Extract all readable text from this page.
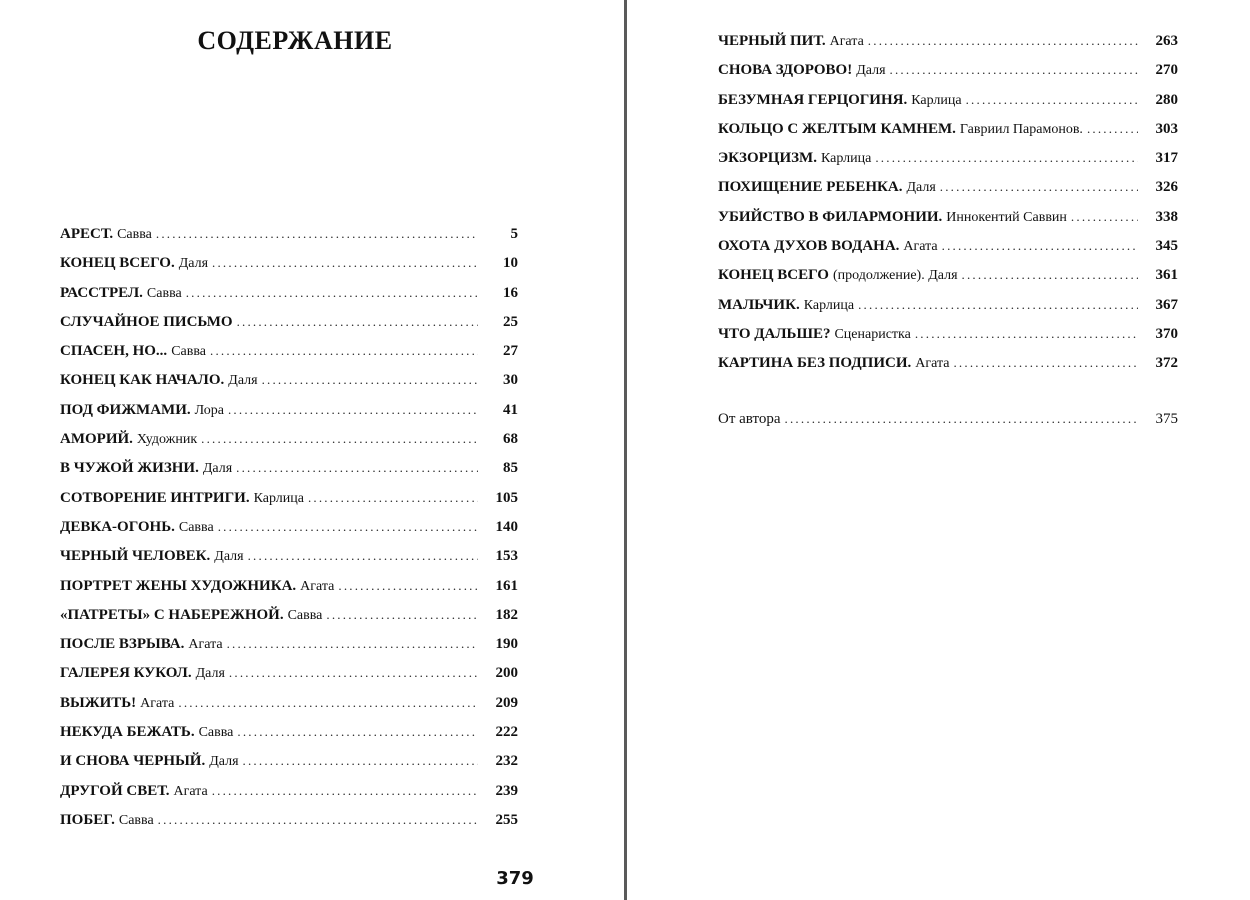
СОДЕРЖАНИЕ
АРЕСТ. Савва .....	5
КОНЕЦ ВСЕГО. Даля .....	10
РАССТРЕЛ. Савва .....	16
СЛУЧАЙНОЕ ПИСЬМО .....	25
СПАСЕН, НО... Савва .....	27
КОНЕЦ КАК НАЧАЛО. Даля .....	30
ПОД ФИЖМАМИ. Лора .....	41
АМОРИЙ. Художник .....	68
В ЧУЖОЙ ЖИЗНИ. Даля .....	85
СОТВОРЕНИЕ ИНТРИГИ. Карлица .....	105
ДЕВКА-ОГОНЬ. Савва .....	140
ЧЕРНЫЙ ЧЕЛОВЕК. Даля .....	153
ПОРТРЕТ ЖЕНЫ ХУДОЖНИКА. Агата .....	161
«ПАТРЕТЫ» С НАБЕРЕЖНОЙ. Савва .....	182
ПОСЛЕ ВЗРЫВА. Агата .....	190
ГАЛЕРЕЯ КУКОЛ. Даля .....	200
ВЫЖИТЬ! Агата .....	209
НЕКУДА БЕЖАТЬ. Савва .....	222
И СНОВА ЧЕРНЫЙ. Даля .....	232
ДРУГОЙ СВЕТ. Агата .....	239
ПОБЕГ. Савва .....	255
379
ЧЕРНЫЙ ПИТ. Агата .....	263
СНОВА ЗДОРОВО! Даля .....	270
БЕЗУМНАЯ ГЕРЦОГИНЯ. Карлица .....	280
КОЛЬЦО С ЖЕЛТЫМ КАМНЕМ. Гавриил Парамонов. .....	303
ЭКЗОРЦИЗМ. Карлица .....	317
ПОХИЩЕНИЕ РЕБЕНКА. Даля .....	326
УБИЙСТВО В ФИЛАРМОНИИ. Иннокентий Саввин .....	338
ОХОТА ДУХОВ ВОДАНА. Агата .....	345
КОНЕЦ ВСЕГО (продолжение). Даля .....	361
МАЛЬЧИК. Карлица .....	367
ЧТО ДАЛЬШЕ? Сценаристка .....	370
КАРТИНА БЕЗ ПОДПИСИ. Агата .....	372
От автора .....	375
